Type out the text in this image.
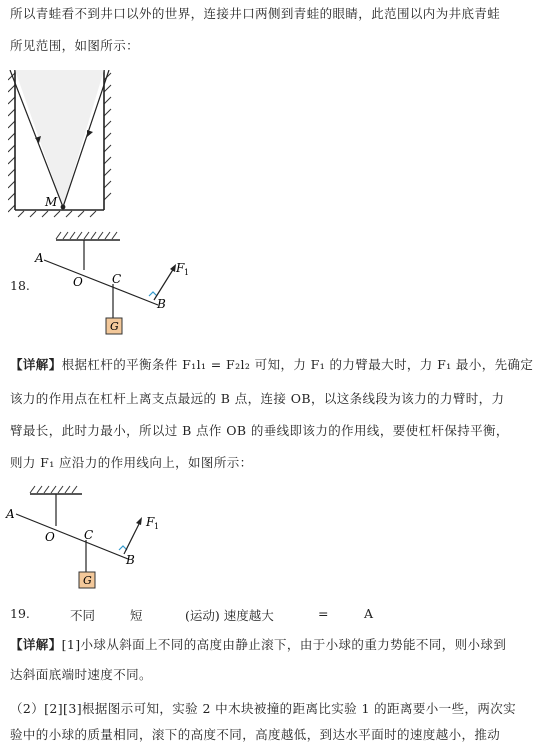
所以青蛙看不到井口以外的世界，连接井口两侧到青蛙的眼睛，此范围以内为井底青蛙
所见范围，如图所示：
M
18.
G
A
O C
B
F 1
【详解】根据杠杆的平衡条件 F₁l₁ = F₂l₂ 可知，力 F₁ 的力臂最大时，力 F₁ 最小，先确定
该力的作用点在杠杆上离支点最远的 B 点，连接 OB，以这条线段为该力的力臂时，力
臂最长，此时力最小，所以过 B 点作 OB 的垂线即该力的作用线，要使杠杆保持平衡，
则力 F₁ 应沿力的作用线向上，如图所示：
G
A
O C
B
F 1
19.	不同	短	(运动) 速度越大	=	A
【详解】[1]小球从斜面上不同的高度由静止滚下，由于小球的重力势能不同，则小球到
达斜面底端时速度不同。
（2）[2][3]根据图示可知，实验 2 中木块被撞的距离比实验 1 的距离要小一些，两次实
验中的小球的质量相同，滚下的高度不同，高度越低，到达水平面时的速度越小，推动
